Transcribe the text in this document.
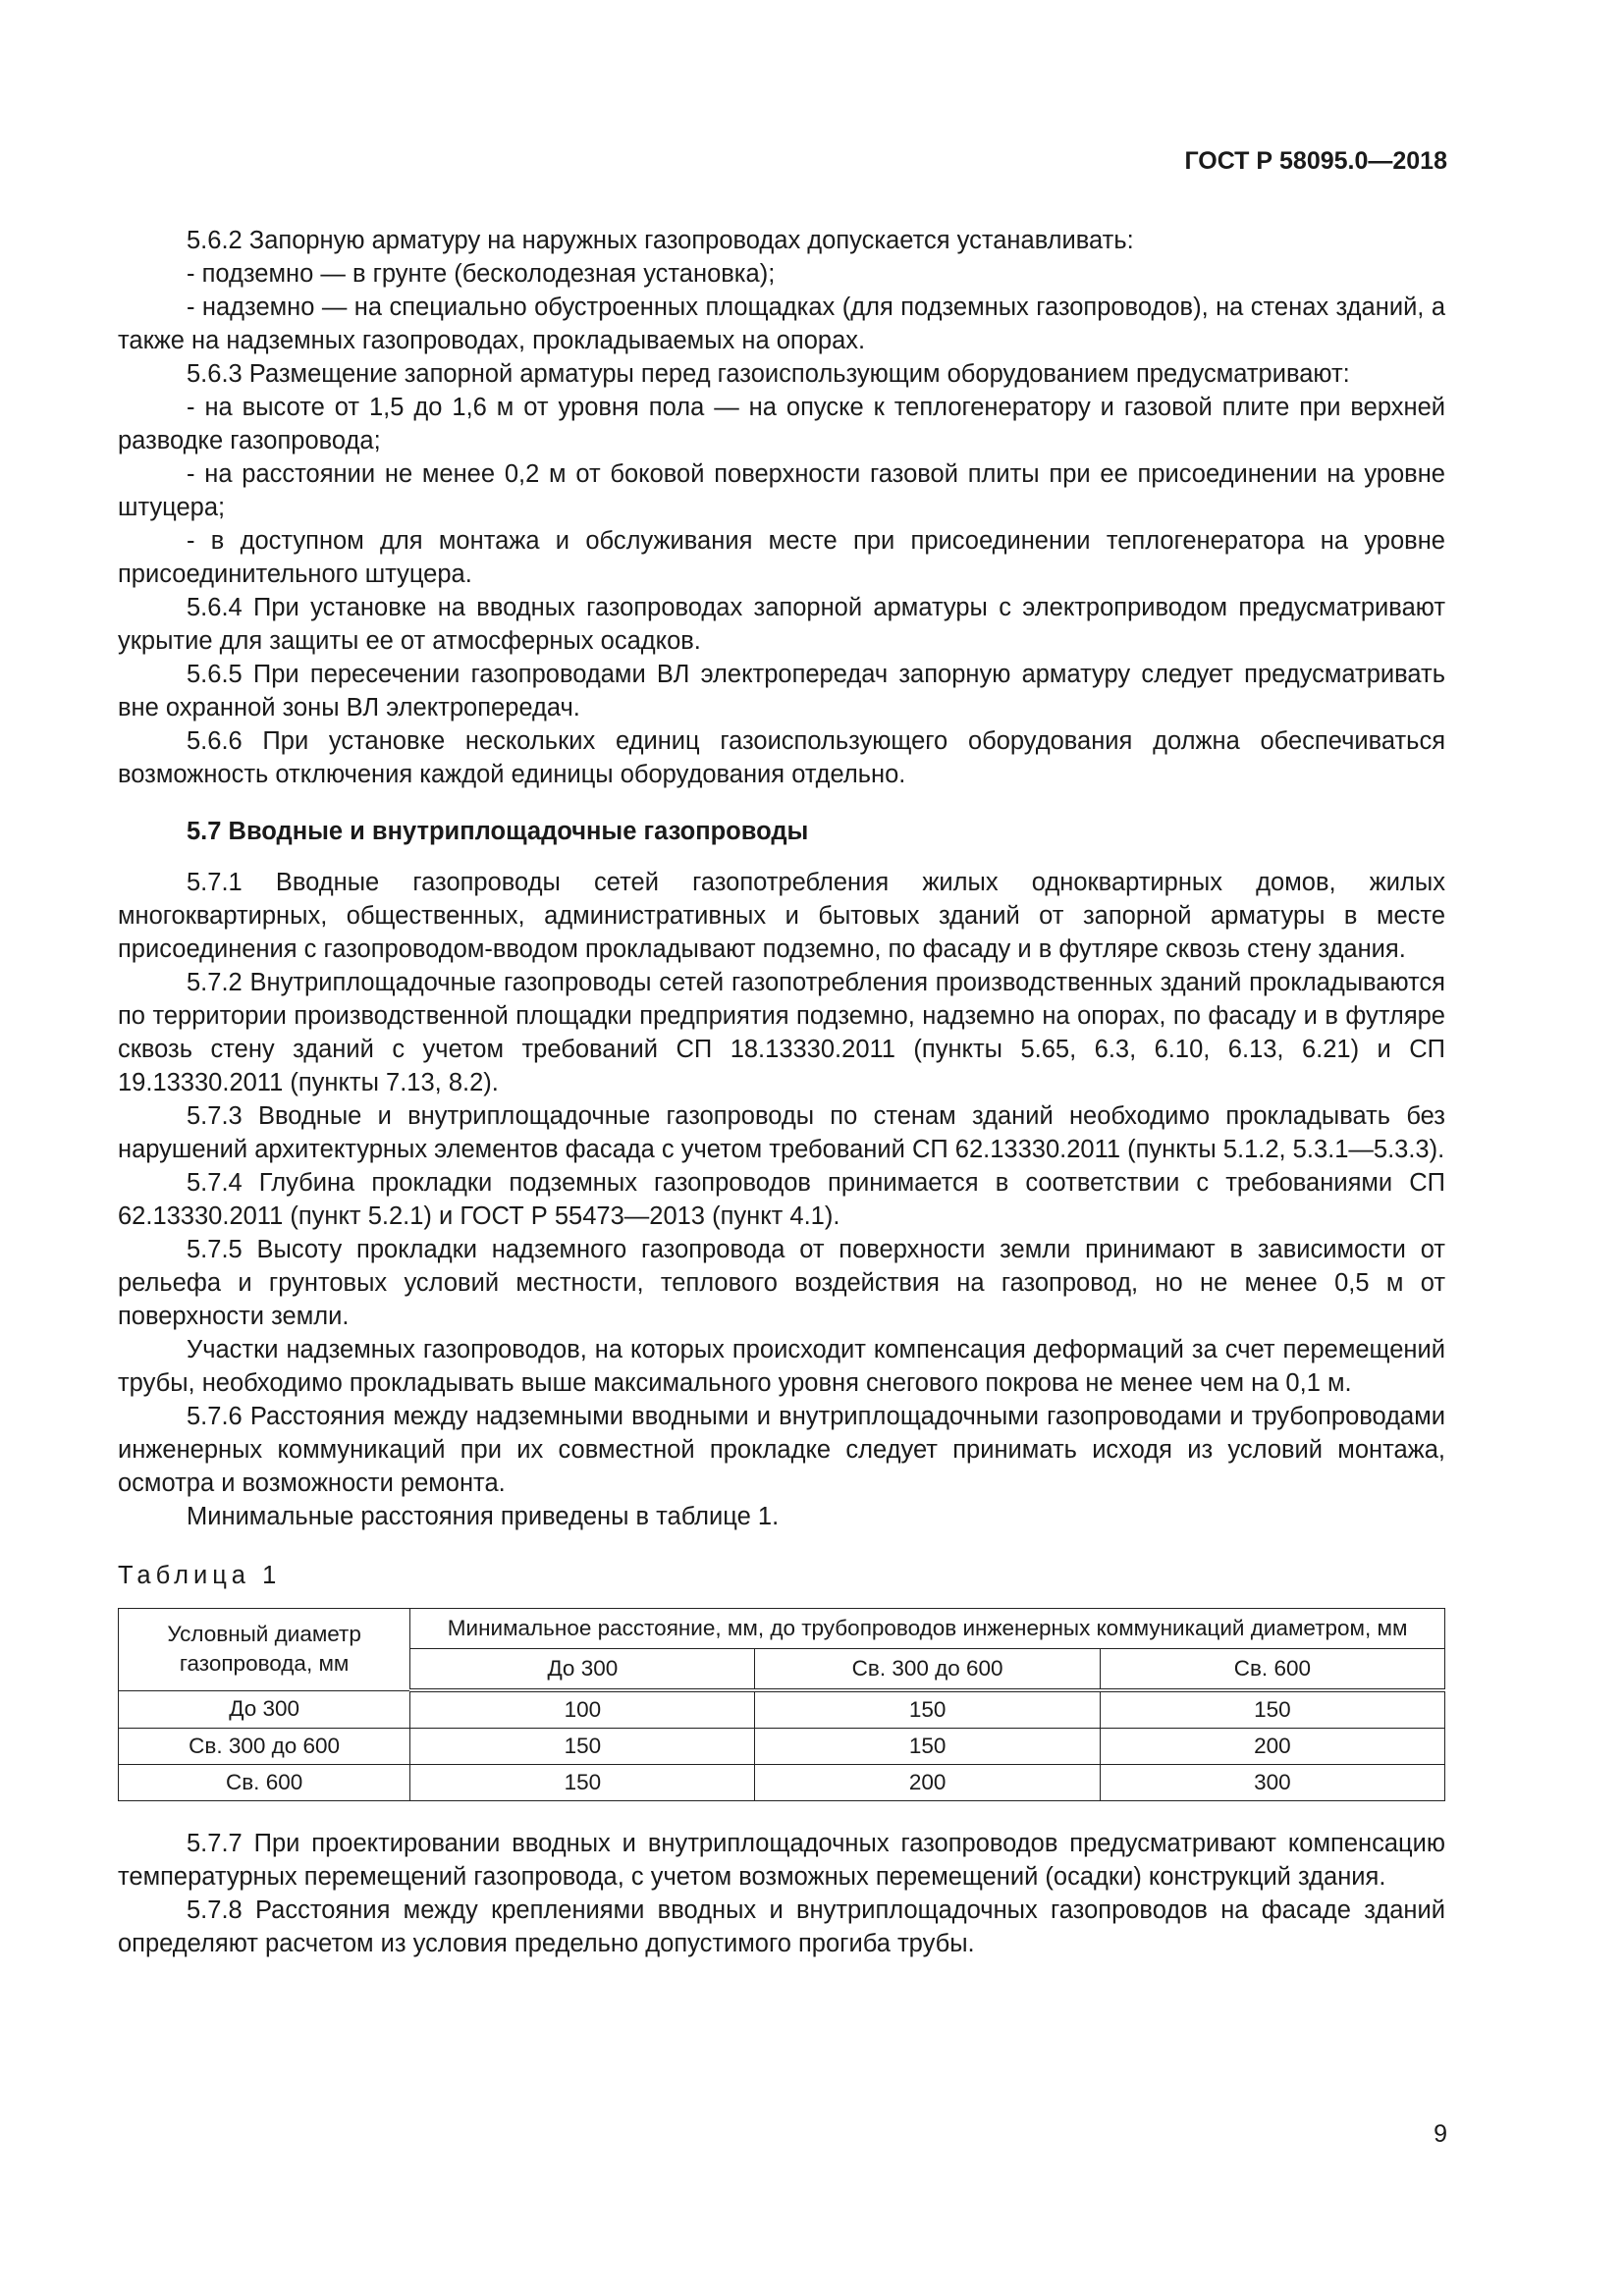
ГОСТ Р 58095.0—2018

5.6.2 Запорную арматуру на наружных газопроводах допускается устанавливать:

- подземно — в грунте (бесколодезная установка);

- надземно — на специально обустроенных площадках (для подземных газопроводов), на стенах зданий, а также на надземных газопроводах, прокладываемых на опорах.

5.6.3 Размещение запорной арматуры перед газоиспользующим оборудованием предусматривают:

- на высоте от 1,5 до 1,6 м от уровня пола — на опуске к теплогенератору и газовой плите при верхней разводке газопровода;

- на расстоянии не менее 0,2 м от боковой поверхности газовой плиты при ее присоединении на уровне штуцера;

- в доступном для монтажа и обслуживания месте при присоединении теплогенератора на уровне присоединительного штуцера.

5.6.4 При установке на вводных газопроводах запорной арматуры с электроприводом предусматривают укрытие для защиты ее от атмосферных осадков.

5.6.5 При пересечении газопроводами ВЛ электропередач запорную арматуру следует предусматривать вне охранной зоны ВЛ электропередач.

5.6.6 При установке нескольких единиц газоиспользующего оборудования должна обеспечиваться возможность отключения каждой единицы оборудования отдельно.

5.7 Вводные и внутриплощадочные газопроводы

5.7.1 Вводные газопроводы сетей газопотребления жилых одноквартирных домов, жилых многоквартирных, общественных, административных и бытовых зданий от запорной арматуры в месте присоединения с газопроводом-вводом прокладывают подземно, по фасаду и в футляре сквозь стену здания.

5.7.2 Внутриплощадочные газопроводы сетей газопотребления производственных зданий прокладываются по территории производственной площадки предприятия подземно, надземно на опорах, по фасаду и в футляре сквозь стену зданий с учетом требований СП 18.13330.2011 (пункты 5.65, 6.3, 6.10, 6.13, 6.21) и СП 19.13330.2011 (пункты 7.13, 8.2).

5.7.3 Вводные и внутриплощадочные газопроводы по стенам зданий необходимо прокладывать без нарушений архитектурных элементов фасада с учетом требований СП 62.13330.2011 (пункты 5.1.2, 5.3.1—5.3.3).

5.7.4 Глубина прокладки подземных газопроводов принимается в соответствии с требованиями СП 62.13330.2011 (пункт 5.2.1) и ГОСТ Р 55473—2013 (пункт 4.1).

5.7.5 Высоту прокладки надземного газопровода от поверхности земли принимают в зависимости от рельефа и грунтовых условий местности, теплового воздействия на газопровод, но не менее 0,5 м от поверхности земли.

Участки надземных газопроводов, на которых происходит компенсация деформаций за счет перемещений трубы, необходимо прокладывать выше максимального уровня снегового покрова не менее чем на 0,1 м.

5.7.6 Расстояния между надземными вводными и внутриплощадочными газопроводами и трубопроводами инженерных коммуникаций при их совместной прокладке следует принимать исходя из условий монтажа, осмотра и возможности ремонта.

Минимальные расстояния приведены в таблице 1.

Таблица 1

Условный диаметр газопровода, мм	Минимальное расстояние, мм, до трубопроводов инженерных коммуникаций диаметром, мм		
	До 300	Св. 300 до 600	Св. 600
До 300	100	150	150
Св. 300 до 600	150	150	200
Св. 600	150	200	300

5.7.7 При проектировании вводных и внутриплощадочных газопроводов предусматривают компенсацию температурных перемещений газопровода, с учетом возможных перемещений (осадки) конструкций здания.

5.7.8 Расстояния между креплениями вводных и внутриплощадочных газопроводов на фасаде зданий определяют расчетом из условия предельно допустимого прогиба трубы.

9
